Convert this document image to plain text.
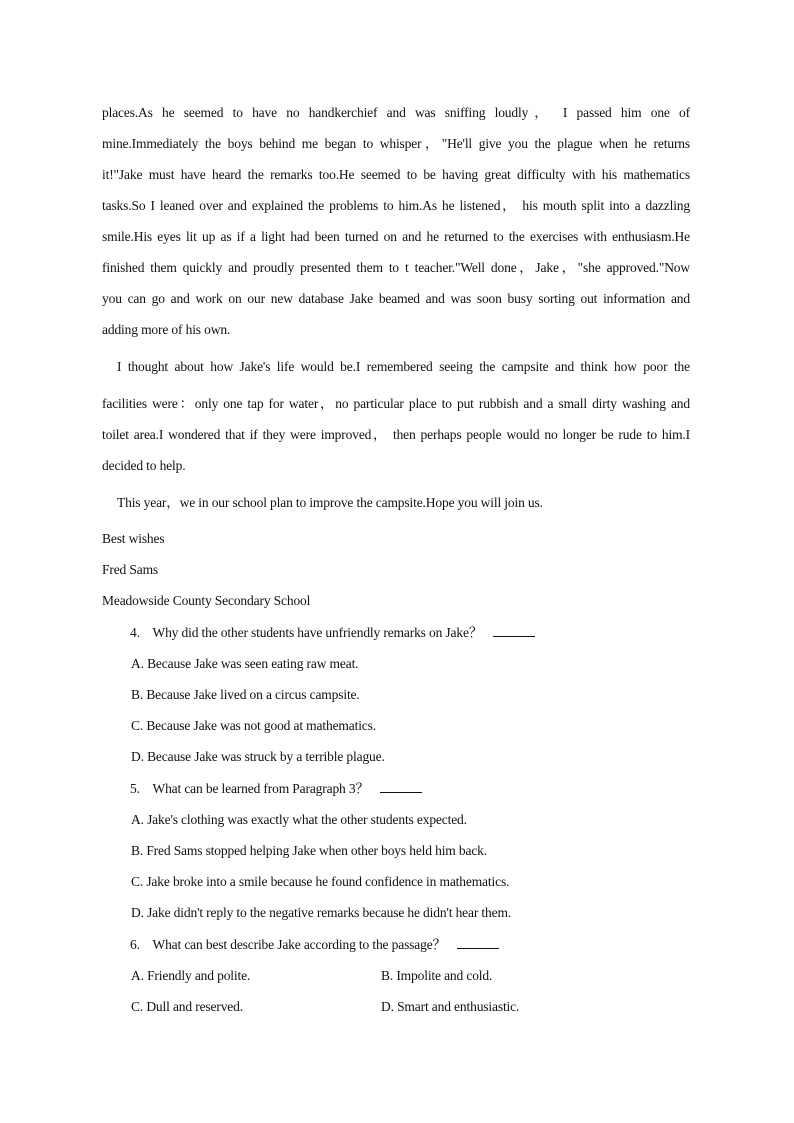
places.As he seemed to have no handkerchief and was sniffing loudly， I passed him one of
mine.Immediately the boys behind me began to whisper，"He'll give you the plague when he returns
it!"Jake must have heard the remarks too.He seemed to be having great difficulty with his mathematics
tasks.So I leaned over and explained the problems to him.As he listened， his mouth split into a dazzling
smile.His eyes lit up as if a light had been turned on and he returned to the exercises with enthusiasm.He
finished them quickly and proudly presented them to t teacher."Well done，Jake，"she approved."Now
you can go and work on our new database Jake beamed and was soon busy sorting out information and
adding more of his own.
I thought about how Jake's life would be.I remembered seeing the campsite and think how poor the
facilities were：only one tap for water，no particular place to put rubbish and a small dirty washing and
toilet area.I wondered that if they were improved， then perhaps people would no longer be rude to him.I
decided to help.
This year，we in our school plan to improve the campsite.Hope you will join us.
Best wishes
Fred Sams
Meadowside County Secondary School
4. Why did the other students have unfriendly remarks on Jake？
A. Because Jake was seen eating raw meat.
B. Because Jake lived on a circus campsite.
C. Because Jake was not good at mathematics.
D. Because Jake was struck by a terrible plague.
5. What can be learned from Paragraph 3？
A. Jake's clothing was exactly what the other students expected.
B. Fred Sams stopped helping Jake when other boys held him back.
C. Jake broke into a smile because he found confidence in mathematics.
D. Jake didn't reply to the negative remarks because he didn't hear them.
6. What can best describe Jake according to the passage？
A. Friendly and polite.	B. Impolite and cold.
C. Dull and reserved.	D. Smart and enthusiastic.
